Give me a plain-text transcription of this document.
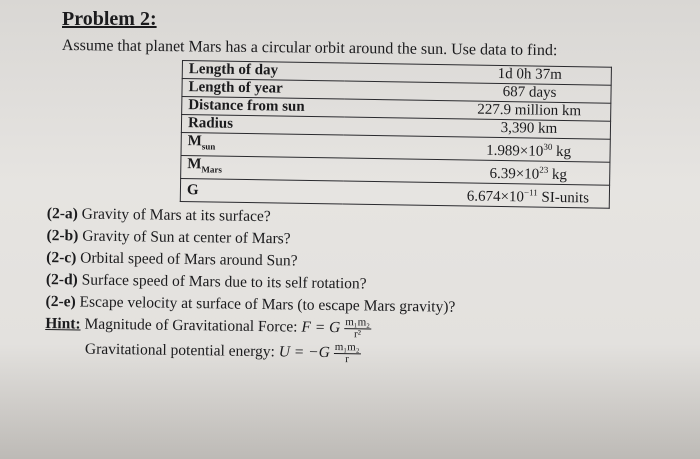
Problem 2:
Assume that planet Mars has a circular orbit around the sun. Use data to find:
Length of day	1d 0h 37m
Length of year	687 days
Distance from sun	227.9 million km
Radius	3,390 km
$M_{sun}$	$1.989\times 10^{30}$ kg
$M_{Mars}$	$6.39\times 10^{23}$ kg
G	$6.674\times 10^{-11}$ SI-units
(2-a) Gravity of Mars at its surface?
(2-b) Gravity of Sun at center of Mars?
(2-c) Orbital speed of Mars around Sun?
(2-d) Surface speed of Mars due to its self rotation?
(2-e) Escape velocity at surface of Mars (to escape Mars gravity)?
Hint: Magnitude of Gravitational Force: F = G $\frac{\text{m₁m₂}}{\text{r²}}$
Gravitational potential energy: $U = -G \frac{\text{m₁m₂}}{r}$
